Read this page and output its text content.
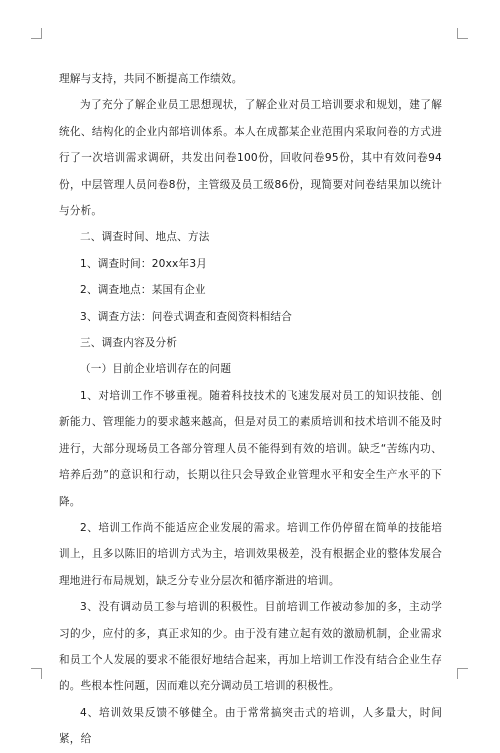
理解与支持，共同不断提高工作绩效。

为了充分了解企业员工思想现状，了解企业对员工培训要求和规划，建了解统化、结构化的企业内部培训体系。本人在成都某企业范围内采取问卷的方式进行了一次培训需求调研，共发出问卷100份，回收问卷95份，其中有效问卷94份，中层管理人员问卷8份，主管级及员工级86份，现简要对问卷结果加以统计与分析。

二、调查时间、地点、方法

1、调查时间：20xx年3月

2、调查地点：某国有企业

3、调查方法：问卷式调查和查阅资料相结合

三、调查内容及分析

（一）目前企业培训存在的问题

1、对培训工作不够重视。随着科技技术的飞速发展对员工的知识技能、创新能力、管理能力的要求越来越高，但是对员工的素质培训和技术培训不能及时进行，大部分现场员工各部分管理人员不能得到有效的培训。缺乏“苦练内功、培养后劲”的意识和行动，长期以往只会导致企业管理水平和安全生产水平的下降。

2、培训工作尚不能适应企业发展的需求。培训工作仍停留在简单的技能培训上，且多以陈旧的培训方式为主，培训效果极差，没有根据企业的整体发展合理地进行布局规划，缺乏分专业分层次和循序渐进的培训。

3、没有调动员工参与培训的积极性。目前培训工作被动参加的多，主动学习的少，应付的多，真正求知的少。由于没有建立起有效的激励机制，企业需求和员工个人发展的要求不能很好地结合起来，再加上培训工作没有结合企业生存的。些根本性问题，因而难以充分调动员工培训的积极性。

4、培训效果反馈不够健全。由于常常搞突击式的培训，人多量大，时间紧，给
